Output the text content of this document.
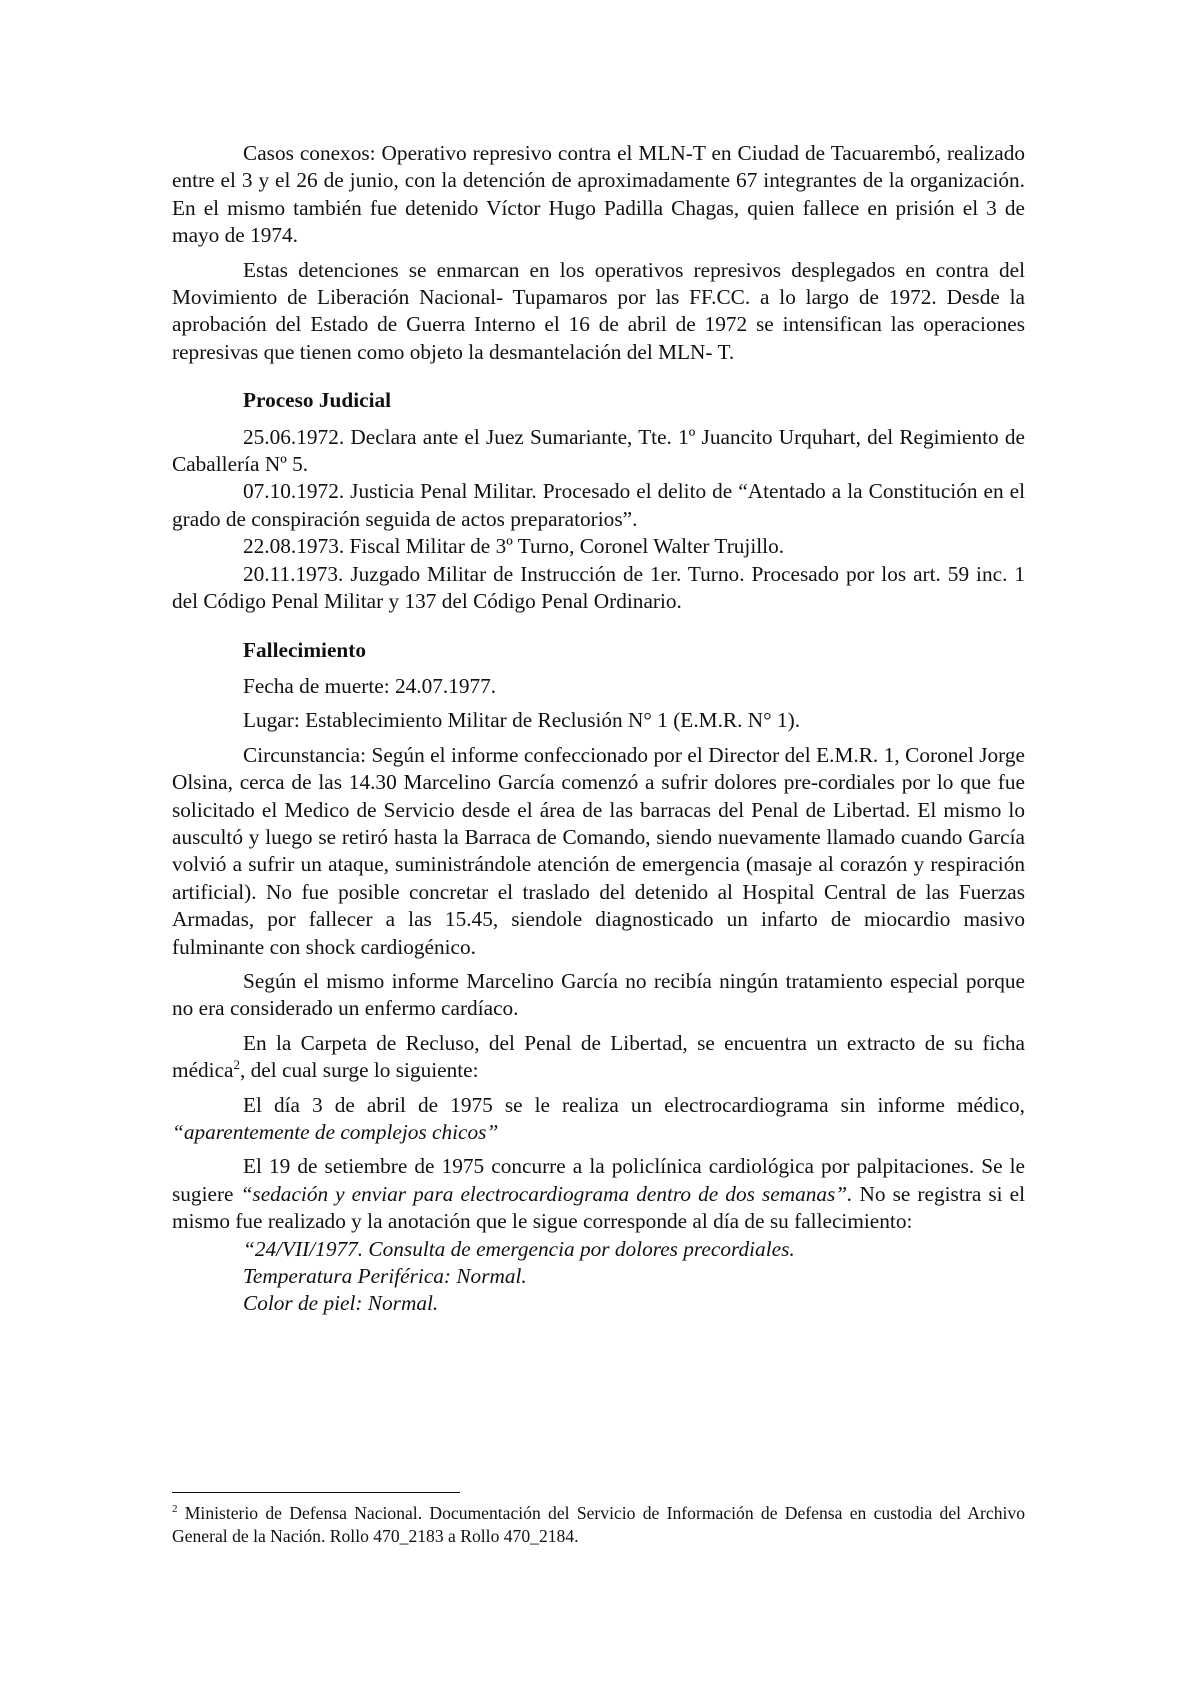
Casos conexos: Operativo represivo contra el MLN-T en Ciudad de Tacuarembó, realizado entre el 3 y el 26 de junio, con la detención de aproximadamente 67 integrantes de la organización. En el mismo también fue detenido Víctor Hugo Padilla Chagas, quien fallece en prisión el 3 de mayo de 1974.

Estas detenciones se enmarcan en los operativos represivos desplegados en contra del Movimiento de Liberación Nacional- Tupamaros por las FF.CC. a lo largo de 1972. Desde la aprobación del Estado de Guerra Interno el 16 de abril de 1972 se intensifican las operaciones represivas que tienen como objeto la desmantelación del MLN- T.

Proceso Judicial

25.06.1972. Declara ante el Juez Sumariante, Tte. 1º Juancito Urquhart, del Regimiento de Caballería Nº 5.

07.10.1972. Justicia Penal Militar. Procesado el delito de “Atentado a la Constitución en el grado de conspiración seguida de actos preparatorios”.

22.08.1973. Fiscal Militar de 3º Turno, Coronel Walter Trujillo.

20.11.1973. Juzgado Militar de Instrucción de 1er. Turno. Procesado por los art. 59 inc. 1 del Código Penal Militar y 137 del Código Penal Ordinario.

Fallecimiento

Fecha de muerte: 24.07.1977.

Lugar: Establecimiento Militar de Reclusión N° 1 (E.M.R. N° 1).

Circunstancia: Según el informe confeccionado por el Director del E.M.R. 1, Coronel Jorge Olsina, cerca de las 14.30 Marcelino García comenzó a sufrir dolores pre-cordiales por lo que fue solicitado el Medico de Servicio desde el área de las barracas del Penal de Libertad. El mismo lo auscultó y luego se retiró hasta la Barraca de Comando, siendo nuevamente llamado cuando García volvió a sufrir un ataque, suministrándole atención de emergencia (masaje al corazón y respiración artificial). No fue posible concretar el traslado del detenido al Hospital Central de las Fuerzas Armadas, por fallecer a las 15.45, siendole diagnosticado un infarto de miocardio masivo fulminante con shock cardiogénico.

Según el mismo informe Marcelino García no recibía ningún tratamiento especial porque no era considerado un enfermo cardíaco.

En la Carpeta de Recluso, del Penal de Libertad, se encuentra un extracto de su ficha médica$^2$, del cual surge lo siguiente:

El día 3 de abril de 1975 se le realiza un electrocardiograma sin informe médico, “aparentemente de complejos chicos”

El 19 de setiembre de 1975 concurre a la policlínica cardiológica por palpitaciones. Se le sugiere “sedación y enviar para electrocardiograma dentro de dos semanas”. No se registra si el mismo fue realizado y la anotación que le sigue corresponde al día de su fallecimiento:

“24/VII/1977. Consulta de emergencia por dolores precordiales.

Temperatura Periférica: Normal.

Color de piel: Normal.

$^2$ Ministerio de Defensa Nacional. Documentación del Servicio de Información de Defensa en custodia del Archivo General de la Nación. Rollo 470_2183 a Rollo 470_2184.
